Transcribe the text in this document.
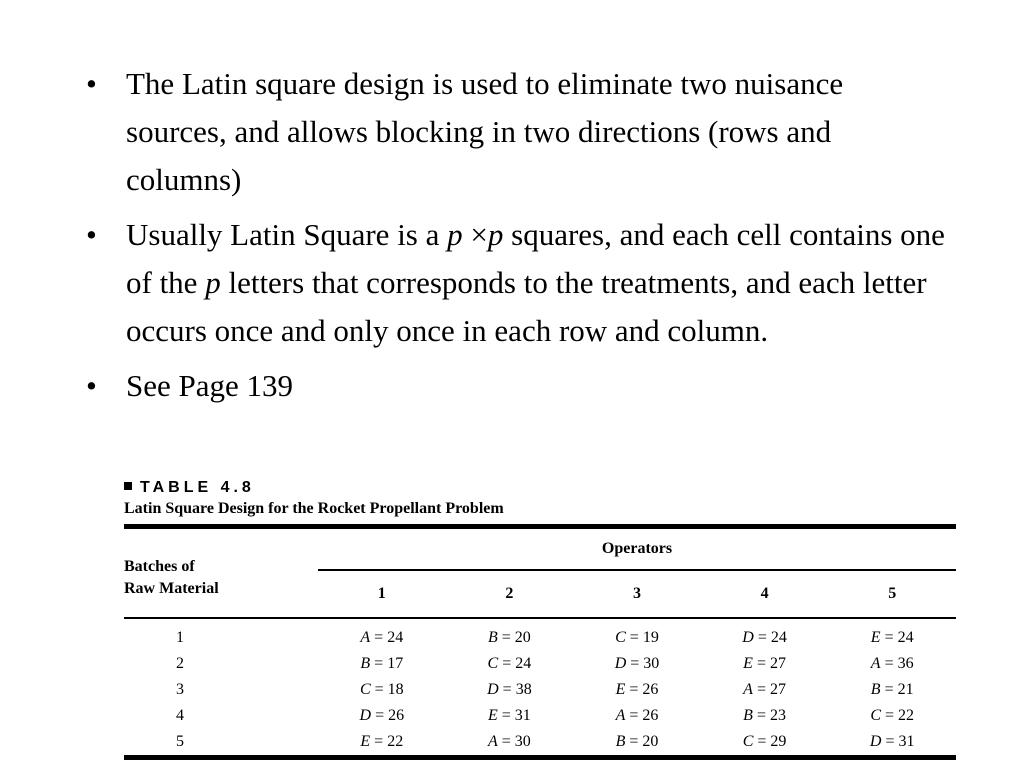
• The Latin square design is used to eliminate two nuisance sources, and allows blocking in two directions (rows and columns)
• Usually Latin Square is a p ×p squares, and each cell contains one of the p letters that corresponds to the treatments, and each letter occurs once and only once in each row and column.
• See Page 139
TABLE 4.8
Latin Square Design for the Rocket Propellant Problem
Batches of
Raw Material	Operators				
	1	2	3	4	5
1	A = 24	B = 20	C = 19	D = 24	E = 24
2	B = 17	C = 24	D = 30	E = 27	A = 36
3	C = 18	D = 38	E = 26	A = 27	B = 21
4	D = 26	E = 31	A = 26	B = 23	C = 22
5	E = 22	A = 30	B = 20	C = 29	D = 31
